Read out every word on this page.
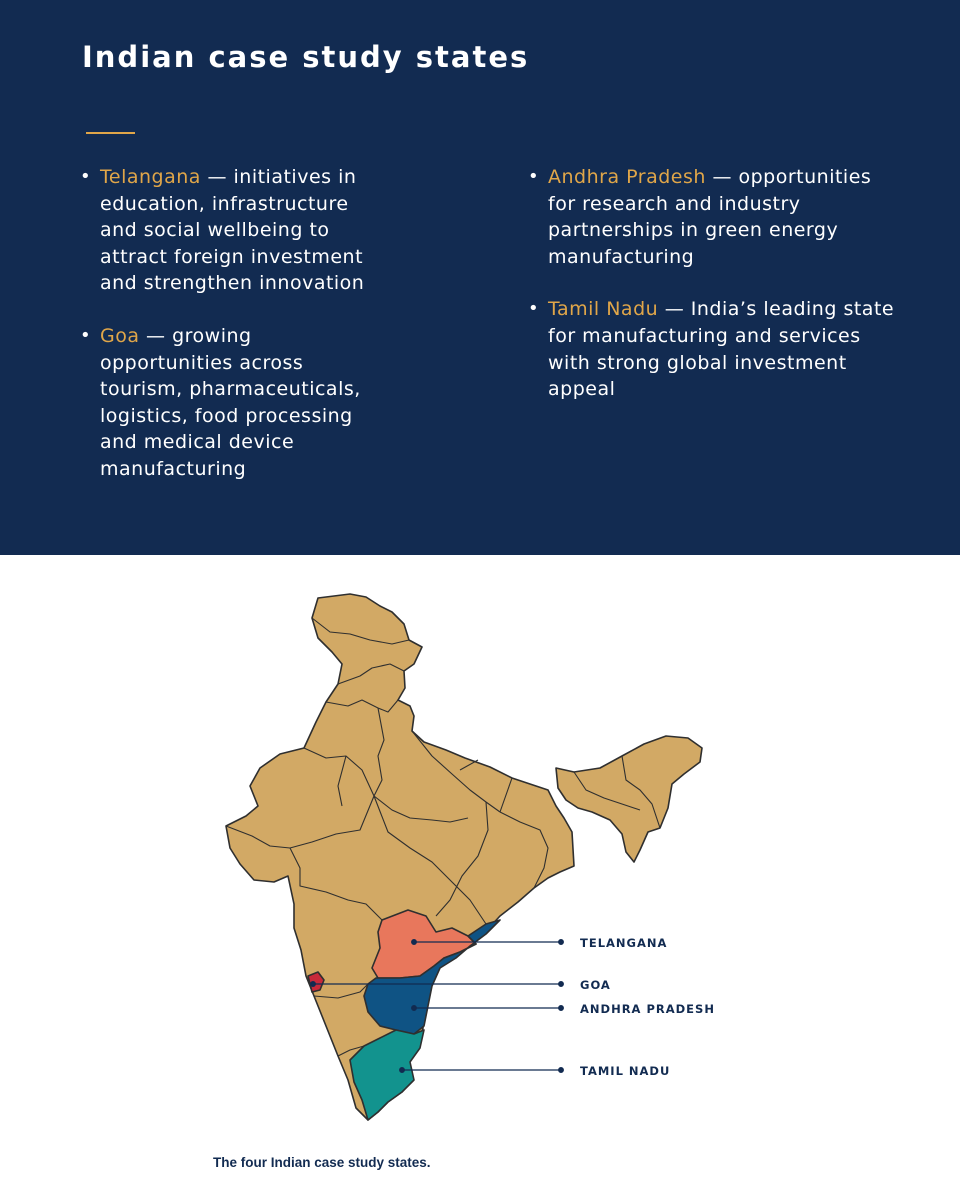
Indian case study states
• Telangana — initiatives in education, infrastructure and social wellbeing to attract foreign investment and strengthen innovation
• Goa — growing opportunities across tourism, pharmaceuticals, logistics, food processing and medical device manufacturing
• Andhra Pradesh — opportunities for research and industry partnerships in green energy manufacturing
• Tamil Nadu — India’s leading state for manufacturing and services with strong global investment appeal
TELANGANA
GOA
ANDHRA PRADESH
TAMIL NADU

The four Indian case study states.
